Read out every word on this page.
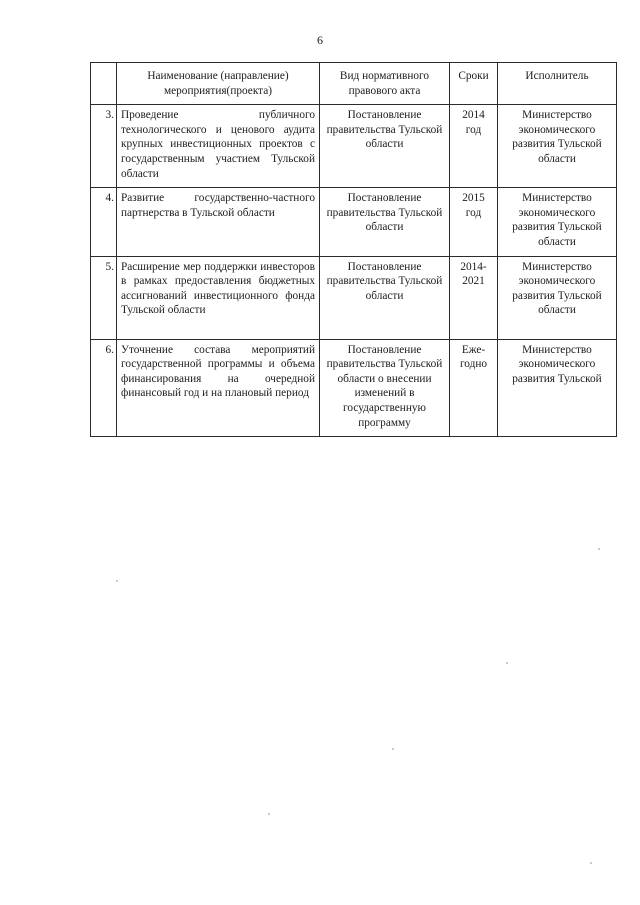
6
	Наименование (направление) мероприятия(проекта)	Вид нормативного правового акта	Сроки	Исполнитель
3.	Проведение публичного технологического и ценового аудита крупных инвестиционных проектов с государственным участием Тульской области	Постановление правительства Тульской области	2014 год	Министерство экономического развития Тульской области
4.	Развитие государственно-частного партнерства в Тульской области	Постановление правительства Тульской области	2015 год	Министерство экономического развития Тульской области
5.	Расширение мер поддержки инвесторов в рамках предоставления бюджетных ассигнований инвестиционного фонда Тульской области	Постановление правительства Тульской области	2014-2021	Министерство экономического развития Тульской области
6.	Уточнение состава мероприятий государственной программы и объема финансирования на очередной финансовый год и на плановый период	Постановление правительства Тульской области о внесении изменений в государственную программу	Еже-годно	Министерство экономического развития Тульской
